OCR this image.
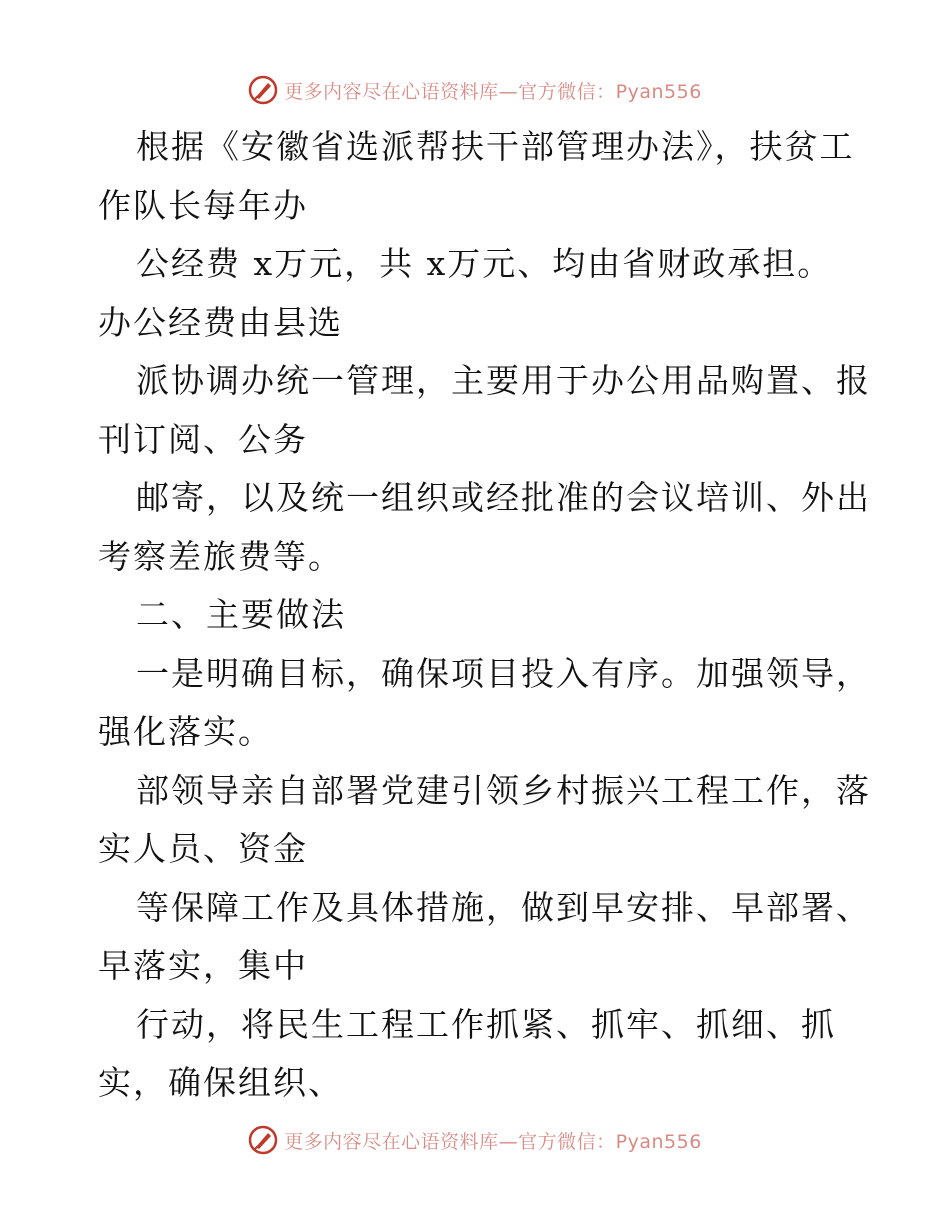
更多内容尽在心语资料库—官方微信：Pyan556
根据《安徽省选派帮扶干部管理办法》，扶贫工
作队长每年办
公经费 x万元，共 x万元、均由省财政承担。
办公经费由县选
派协调办统一管理，主要用于办公用品购置、报
刊订阅、公务
邮寄，以及统一组织或经批准的会议培训、外出
考察差旅费等。
二、主要做法
一是明确目标，确保项目投入有序。加强领导，
强化落实。
部领导亲自部署党建引领乡村振兴工程工作，落
实人员、资金
等保障工作及具体措施，做到早安排、早部署、
早落实，集中
行动，将民生工程工作抓紧、抓牢、抓细、抓
实，确保组织、
更多内容尽在心语资料库—官方微信：Pyan556
